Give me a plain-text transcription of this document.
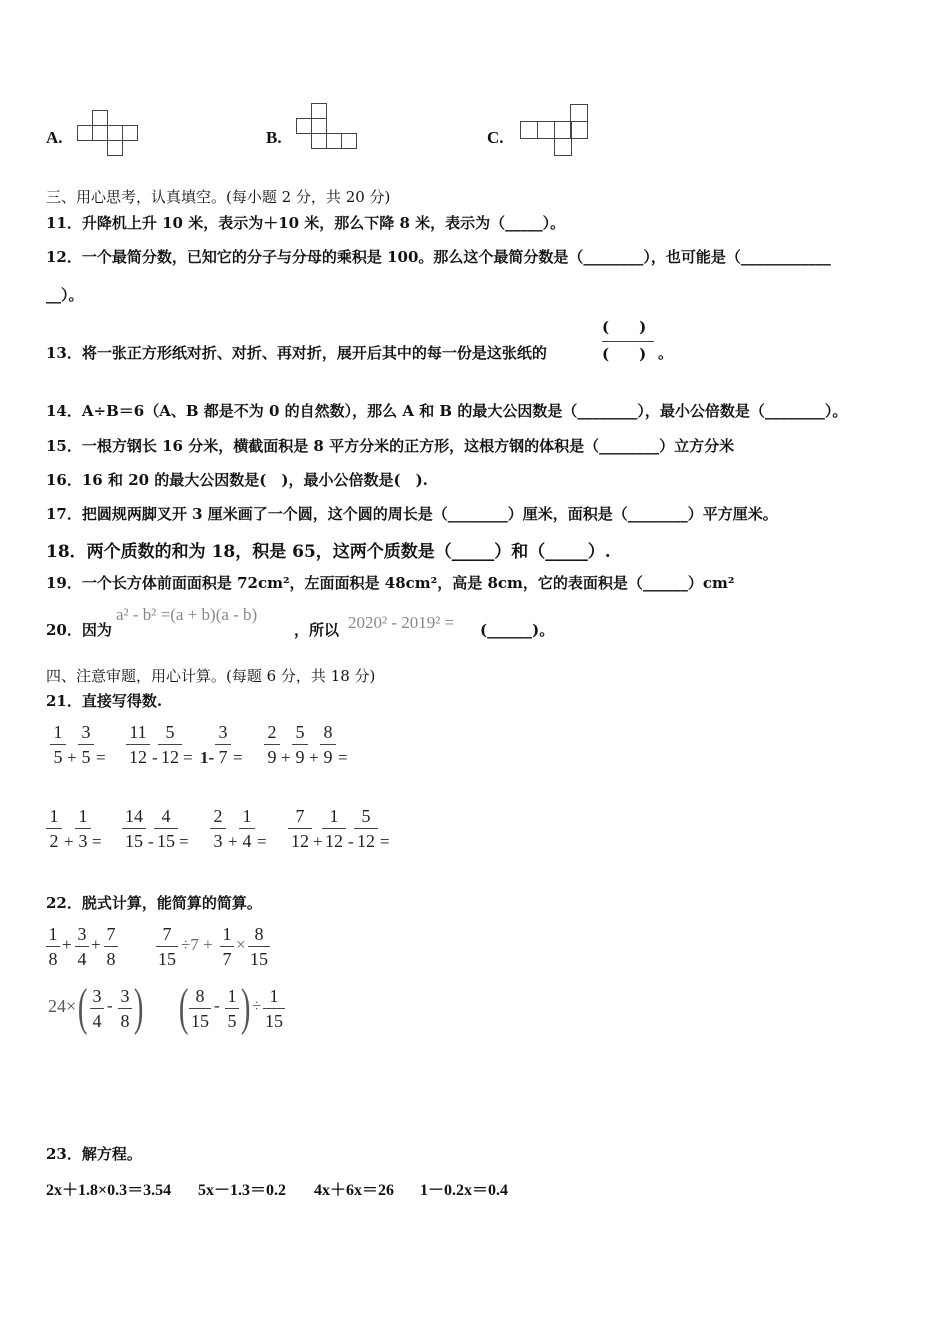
A.	B.	C.
三、用心思考，认真填空。(每小题 2 分，共 20 分)
11．升降机上升 10 米，表示为＋10 米，那么下降 8 米，表示为（_____）。
12．一个最简分数，已知它的分子与分母的乘积是 100。那么这个最简分数是（________），也可能是（____________
__）。
13．将一张正方形纸对折、对折、再对折，展开后其中的每一份是这张纸的
(　　)
(　　) 。
14．A÷B＝6（A、B 都是不为 0 的自然数），那么 A 和 B 的最大公因数是（________），最小公倍数是（________）。
15．一根方钢长 16 分米，横截面积是 8 平方分米的正方形，这根方钢的体积是（________）立方分米
16．16 和 20 的最大公因数是(　)，最小公倍数是(　).
17．把圆规两脚叉开 3 厘米画了一个圆，这个圆的周长是（________）厘米，面积是（________）平方厘米。
18．两个质数的和为 18，积是 65，这两个质数是（_____）和（_____）.
19．一个长方体前面面积是 72cm²，左面面积是 48cm²，高是 8cm，它的表面积是（______）cm²
20．因为
a² - b² =(a + b)(a - b)
，所以 2020² - 2019² = (______)。
四、注意审题，用心计算。(每题 6 分，共 18 分)
21．直接写得数.
1
5 +
3
5 =
11
12 -
5
12 = 1-
3
7 =
2
9 +
5
9 +
8
9 =
1
2 +
1
3 =
14
15 -
4
15 =
2
3 +
1
4 =
7
12 +
1
12 -
5
12 =
22．脱式计算，能简算的简算。
1
8
+
3
4
+
7
8
7
15
÷7 +
1
7
×
8
15
24× ( 3
4
- 3
8 ) ( 8
15
- 1
5 ) ÷ 1
15
23．解方程。
2x＋1.8×0.3＝3.54 5x－1.3＝0.2 4x＋6x＝26 1－0.2x＝0.4
